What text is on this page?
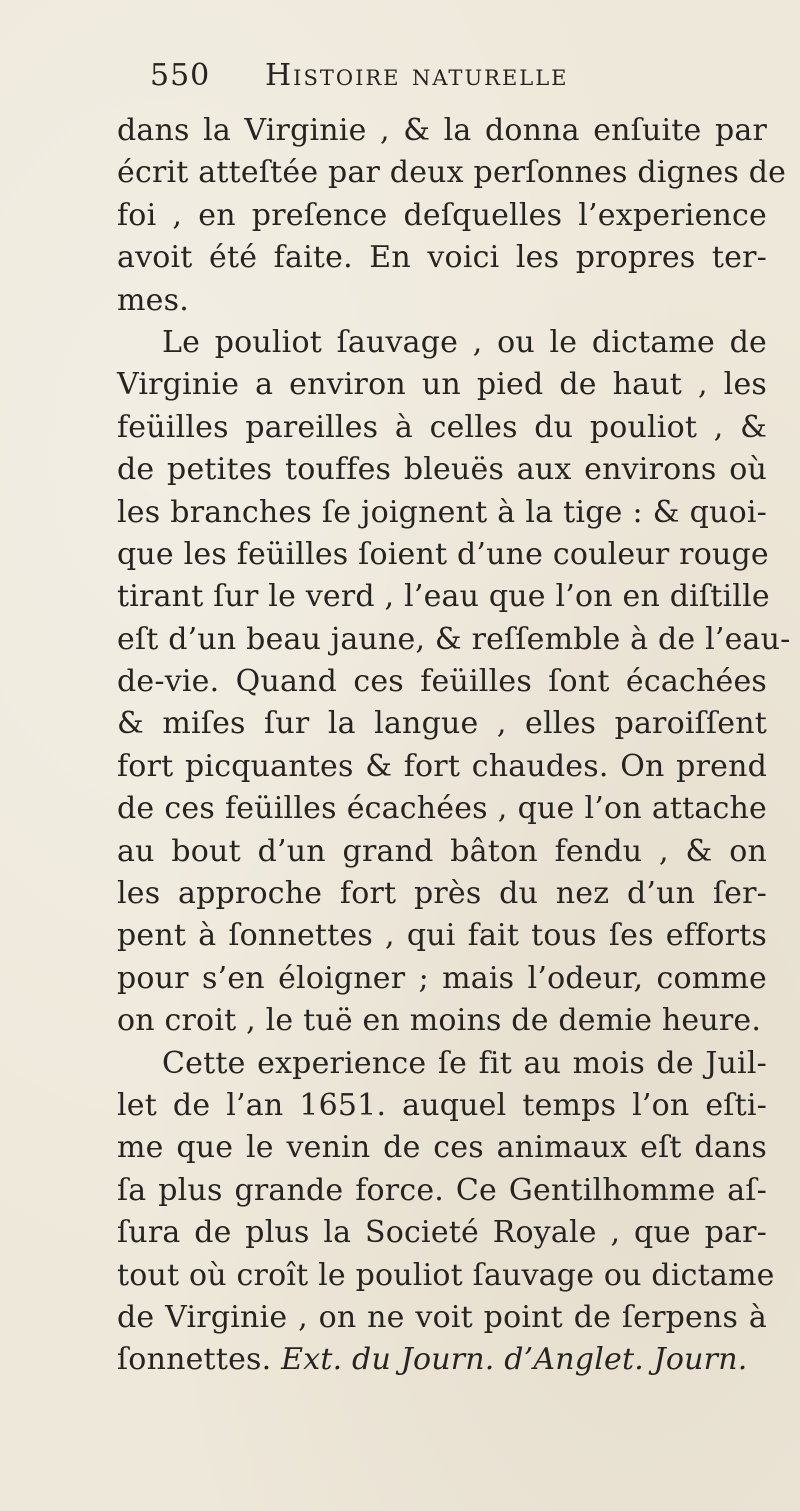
550 Histoire naturelle
dans la Virginie , & la donna enſuite par
écrit atteſtée par deux perſonnes dignes de
foi , en preſence deſquelles l’experience
avoit été faite. En voici les propres ter-
mes.
Le pouliot ſauvage , ou le dictame de
Virginie a environ un pied de haut , les
feüilles pareilles à celles du pouliot , &
de petites touffes bleuës aux environs où
les branches ſe joignent à la tige : & quoi-
que les feüilles ſoient d’une couleur rouge
tirant ſur le verd , l’eau que l’on en diſtille
eſt d’un beau jaune, & reſſemble à de l’eau-
de-vie. Quand ces feüilles ſont écachées
& miſes ſur la langue , elles paroiſſent
fort picquantes & fort chaudes. On prend
de ces feüilles écachées , que l’on attache
au bout d’un grand bâton fendu , & on
les approche fort près du nez d’un ſer-
pent à ſonnettes , qui fait tous ſes efforts
pour s’en éloigner ; mais l’odeur, comme
on croit , le tuë en moins de demie heure.
Cette experience ſe fit au mois de Juil-
let de l’an 1651. auquel temps l’on eſti-
me que le venin de ces animaux eſt dans
ſa plus grande force. Ce Gentilhomme aſ-
ſura de plus la Societé Royale , que par-
tout où croît le pouliot ſauvage ou dictame
de Virginie , on ne voit point de ſerpens à
ſonnettes. Ext. du Journ. d’Anglet. Journ.
